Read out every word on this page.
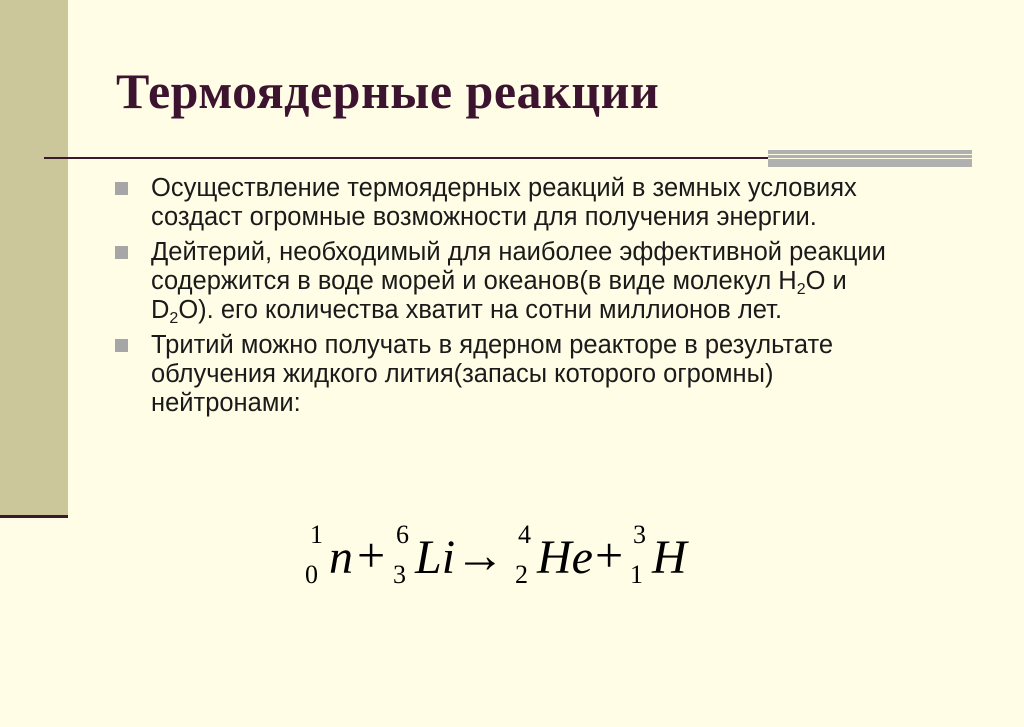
Термоядерные реакции

Осуществление термоядерных реакций в земных условиях создаст огромные возможности для получения энергии.

Дейтерий, необходимый для наиболее эффективной реакции содержится в воде морей и океанов(в виде молекул $H_2O$ и $D_2O$). его количества хватит на сотни миллионов лет.

Тритий можно получать в ядерном реакторе в результате облучения жидкого лития(запасы которого огромны) нейтронами:

1
0 n + 6
3 Li → 4
2 He + 3
1 H
